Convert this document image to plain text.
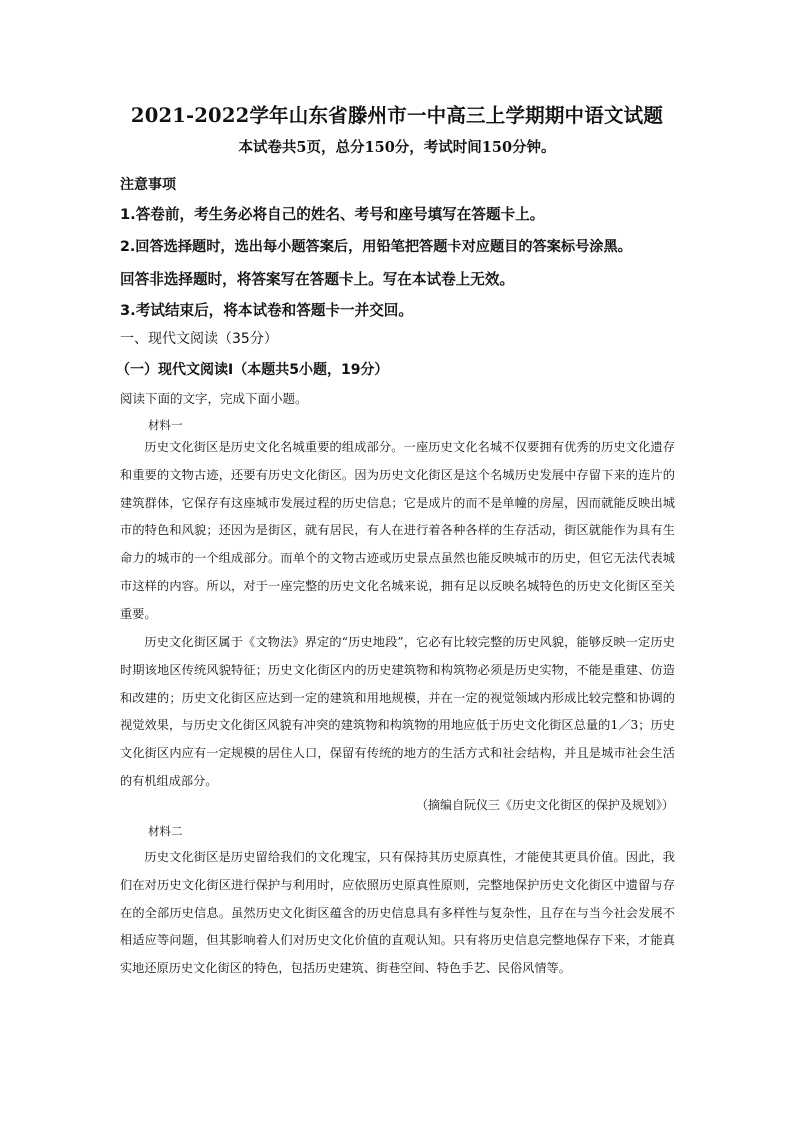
2021-2022学年山东省滕州市一中高三上学期期中语文试题
本试卷共5页，总分150分，考试时间150分钟。
注意事项
1.答卷前，考生务必将自己的姓名、考号和座号填写在答题卡上。
2.回答选择题时，选出每小题答案后，用铅笔把答题卡对应题目的答案标号涂黑。
回答非选择题时，将答案写在答题卡上。写在本试卷上无效。
3.考试结束后，将本试卷和答题卡一并交回。
一、现代文阅读（35分）
（一）现代文阅读Ⅰ（本题共5小题，19分）
阅读下面的文字，完成下面小题。
材料一

历史文化街区是历史文化名城重要的组成部分。一座历史文化名城不仅要拥有优秀的历史文化遗存和重要的文物古迹，还要有历史文化街区。因为历史文化街区是这个名城历史发展中存留下来的连片的建筑群体，它保存有这座城市发展过程的历史信息；它是成片的而不是单幢的房屋，因而就能反映出城市的特色和风貌；还因为是街区，就有居民，有人在进行着各种各样的生存活动，街区就能作为具有生命力的城市的一个组成部分。而单个的文物古迹或历史景点虽然也能反映城市的历史，但它无法代表城市这样的内容。所以，对于一座完整的历史文化名城来说，拥有足以反映名城特色的历史文化街区至关重要。

历史文化街区属于《文物法》界定的“历史地段”，它必有比较完整的历史风貌，能够反映一定历史时期该地区传统风貌特征；历史文化街区内的历史建筑物和构筑物必须是历史实物，不能是重建、仿造和改建的；历史文化街区应达到一定的建筑和用地规模，并在一定的视觉领域内形成比较完整和协调的视觉效果，与历史文化街区风貌有冲突的建筑物和构筑物的用地应低于历史文化街区总量的1／3；历史文化街区内应有一定规模的居住人口，保留有传统的地方的生活方式和社会结构，并且是城市社会生活的有机组成部分。

（摘编自阮仪三《历史文化街区的保护及规划》）
材料二

历史文化街区是历史留给我们的文化瑰宝，只有保持其历史原真性，才能使其更具价值。因此，我们在对历史文化街区进行保护与利用时，应依照历史原真性原则，完整地保护历史文化街区中遗留与存在的全部历史信息。虽然历史文化街区蕴含的历史信息具有多样性与复杂性，且存在与当今社会发展不相适应等问题，但其影响着人们对历史文化价值的直观认知。只有将历史信息完整地保存下来，才能真实地还原历史文化街区的特色，包括历史建筑、街巷空间、特色手艺、民俗风情等。
